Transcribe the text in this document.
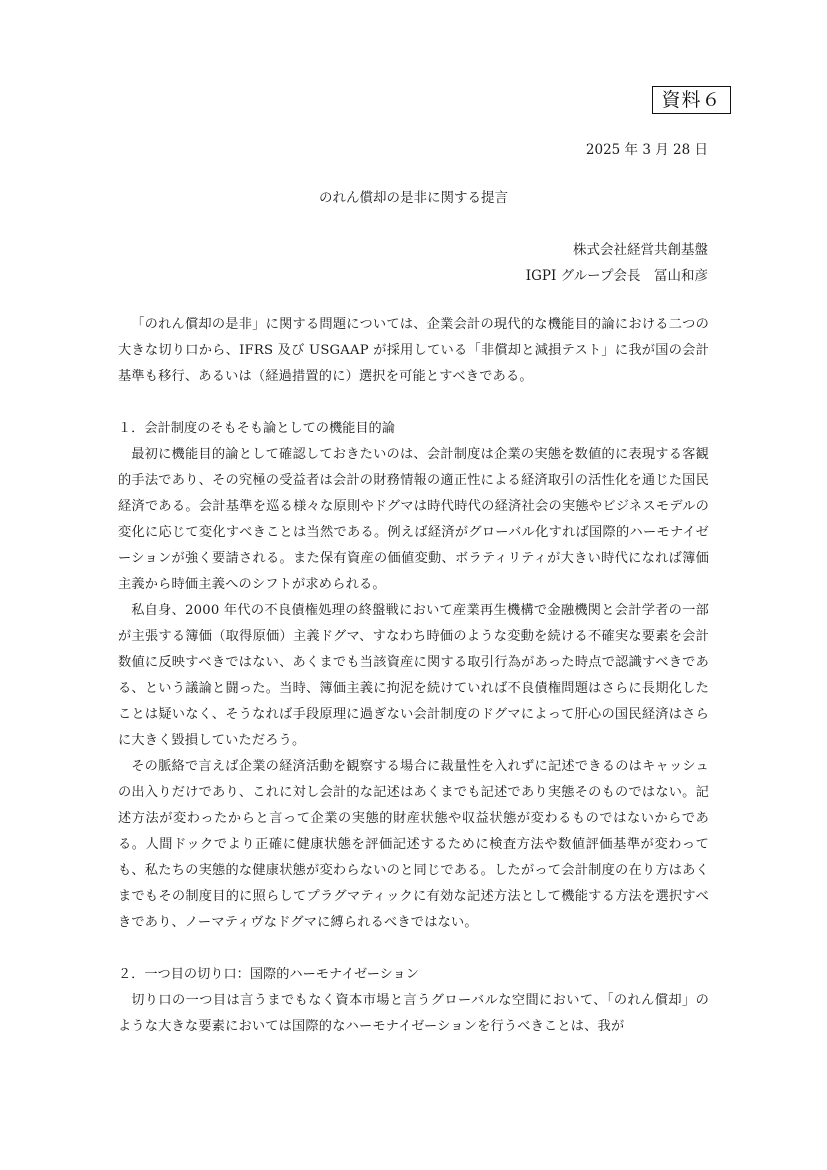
資料６
2025 年 3 月 28 日
のれん償却の是非に関する提言
株式会社経営共創基盤
IGPI グループ会長　冨山和彦

「のれん償却の是非」に関する問題については、企業会計の現代的な機能目的論における二つの大きな切り口から、IFRS 及び USGAAP が採用している「非償却と減損テスト」に我が国の会計基準も移行、あるいは（経過措置的に）選択を可能とすべきである。

１．会計制度のそもそも論としての機能目的論

最初に機能目的論として確認しておきたいのは、会計制度は企業の実態を数値的に表現する客観的手法であり、その究極の受益者は会計の財務情報の適正性による経済取引の活性化を通じた国民経済である。会計基準を巡る様々な原則やドグマは時代時代の経済社会の実態やビジネスモデルの変化に応じて変化すべきことは当然である。例えば経済がグローバル化すれば国際的ハーモナイゼーションが強く要請される。また保有資産の価値変動、ボラティリティが大きい時代になれば簿価主義から時価主義へのシフトが求められる。

私自身、2000 年代の不良債権処理の終盤戦において産業再生機構で金融機関と会計学者の一部が主張する簿価（取得原価）主義ドグマ、すなわち時価のような変動を続ける不確実な要素を会計数値に反映すべきではない、あくまでも当該資産に関する取引行為があった時点で認識すべきである、という議論と闘った。当時、簿価主義に拘泥を続けていれば不良債権問題はさらに長期化したことは疑いなく、そうなれば手段原理に過ぎない会計制度のドグマによって肝心の国民経済はさらに大きく毀損していただろう。

その脈絡で言えば企業の経済活動を観察する場合に裁量性を入れずに記述できるのはキャッシュの出入りだけであり、これに対し会計的な記述はあくまでも記述であり実態そのものではない。記述方法が変わったからと言って企業の実態的財産状態や収益状態が変わるものではないからである。人間ドックでより正確に健康状態を評価記述するために検査方法や数値評価基準が変わっても、私たちの実態的な健康状態が変わらないのと同じである。したがって会計制度の在り方はあくまでもその制度目的に照らしてプラグマティックに有効な記述方法として機能する方法を選択すべきであり、ノーマティヴなドグマに縛られるべきではない。

２．一つ目の切り口：国際的ハーモナイゼーション

切り口の一つ目は言うまでもなく資本市場と言うグローバルな空間において、「のれん償却」のような大きな要素においては国際的なハーモナイゼーションを行うべきことは、我が
